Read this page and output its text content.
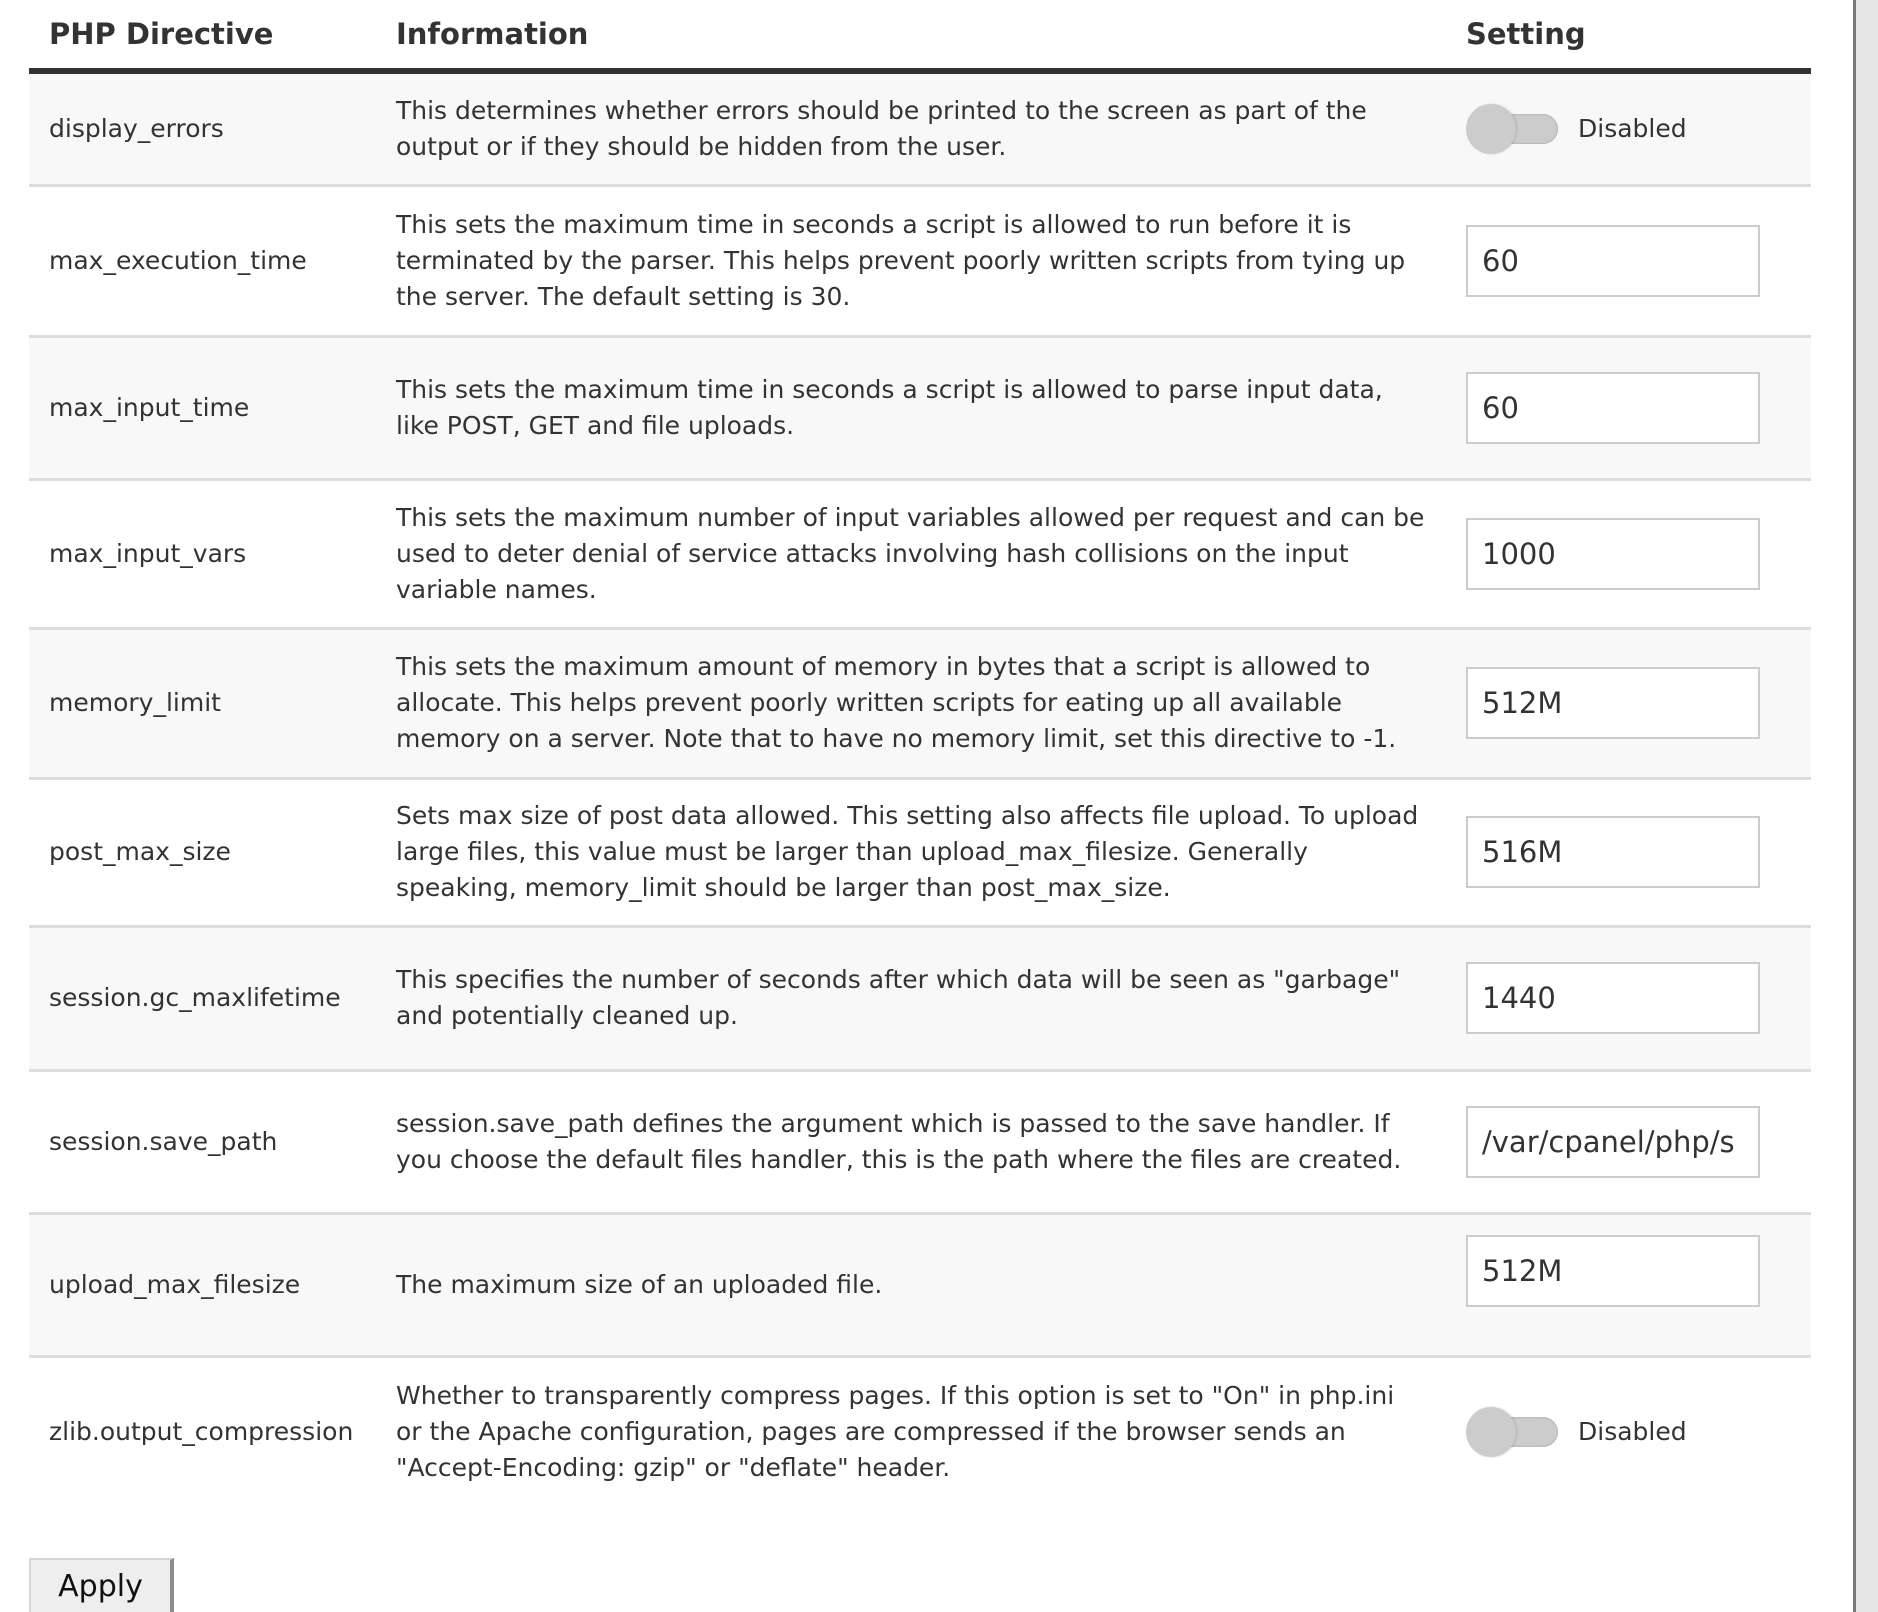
PHP Directive	Information	Setting
display_errors	This determines whether errors should be printed to the screen as part of the output or if they should be hidden from the user.	Disabled

max_execution_time	This sets the maximum time in seconds a script is allowed to run before it is terminated by the parser. This helps prevent poorly written scripts from tying up the server. The default setting is 30.	60
max_input_time	This sets the maximum time in seconds a script is allowed to parse input data, like POST, GET and file uploads.	60
max_input_vars	This sets the maximum number of input variables allowed per request and can be used to deter denial of service attacks involving hash collisions on the input variable names.	1000
memory_limit	This sets the maximum amount of memory in bytes that a script is allowed to allocate. This helps prevent poorly written scripts for eating up all available memory on a server. Note that to have no memory limit, set this directive to -1.	512M
post_max_size	Sets max size of post data allowed. This setting also affects file upload. To upload large files, this value must be larger than upload_max_filesize. Generally speaking, memory_limit should be larger than post_max_size.	516M
session.gc_maxlifetime	This specifies the number of seconds after which data will be seen as "garbage" and potentially cleaned up.	1440
session.save_path	session.save_path defines the argument which is passed to the save handler. If you choose the default files handler, this is the path where the files are created.	/var/cpanel/php/s
upload_max_filesize	The maximum size of an uploaded file.	512M
zlib.output_compression	Whether to transparently compress pages. If this option is set to "On" in php.ini or the Apache configuration, pages are compressed if the browser sends an "Accept-Encoding: gzip" or "deflate" header.	Disabled
Apply
